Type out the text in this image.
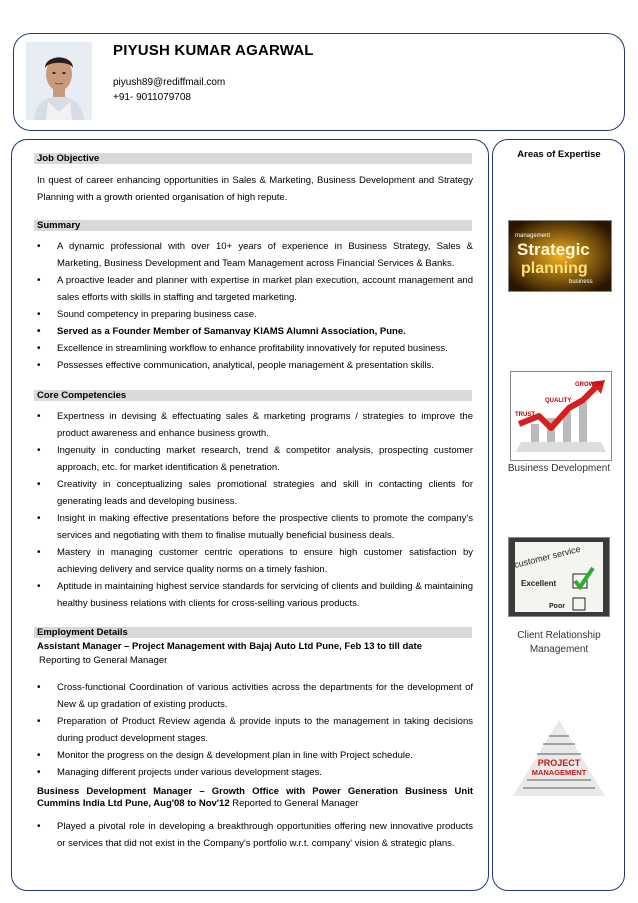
PIYUSH KUMAR AGARWAL
piyush89@rediffmail.com
+91- 9011079708
Job Objective
In quest of career enhancing opportunities in Sales & Marketing, Business Development and Strategy Planning with a growth oriented organisation of high repute.
Summary
• A dynamic professional with over 10+ years of experience in Business Strategy, Sales & Marketing, Business Development and Team Management across Financial Services & Banks.
• A proactive leader and planner with expertise in market plan execution, account management and sales efforts with skills in staffing and targeted marketing.
• Sound competency in preparing business case.
• Served as a Founder Member of Samanvay KIAMS Alumni Association, Pune.
• Excellence in streamlining workflow to enhance profitability innovatively for reputed business.
• Possesses effective communication, analytical, people management & presentation skills.
Core Competencies
• Expertness in devising & effectuating sales & marketing programs / strategies to improve the product awareness and enhance business growth.
• Ingenuity in conducting market research, trend & competitor analysis, prospecting customer approach, etc. for market identification & penetration.
• Creativity in conceptualizing sales promotional strategies and skill in contacting clients for generating leads and developing business.
• Insight in making effective presentations before the prospective clients to promote the company's services and negotiating with them to finalise mutually beneficial business deals.
• Mastery in managing customer centric operations to ensure high customer satisfaction by achieving delivery and service quality norms on a timely fashion.
• Aptitude in maintaining highest service standards for servicing of clients and building & maintaining healthy business relations with clients for cross-selling various products.
Employment Details
Assistant Manager – Project Management with Bajaj Auto Ltd Pune, Feb 13 to till date
Reporting to General Manager
• Cross-functional Coordination of various activities across the departments for the development of New & up gradation of existing products.
• Preparation of Product Review agenda & provide inputs to the management in taking decisions during product development stages.
• Monitor the progress on the design & development plan in line with Project schedule.
• Managing different projects under various development stages.
Business Development Manager – Growth Office with Power Generation Business Unit Cummins India Ltd Pune, Aug'08 to Nov'12 Reported to General Manager
• Played a pivotal role in developing a breakthrough opportunities offering new innovative products or services that did not exist in the Company's portfolio w.r.t. company' vision & strategic plans.
Areas of Expertise
management
Strategic
planning
business
TRUST
QUALITY
GROWTH
Business Development
customer service
Excellent
Poor
Client Relationship
Management
PROJECT
MANAGEMENT
